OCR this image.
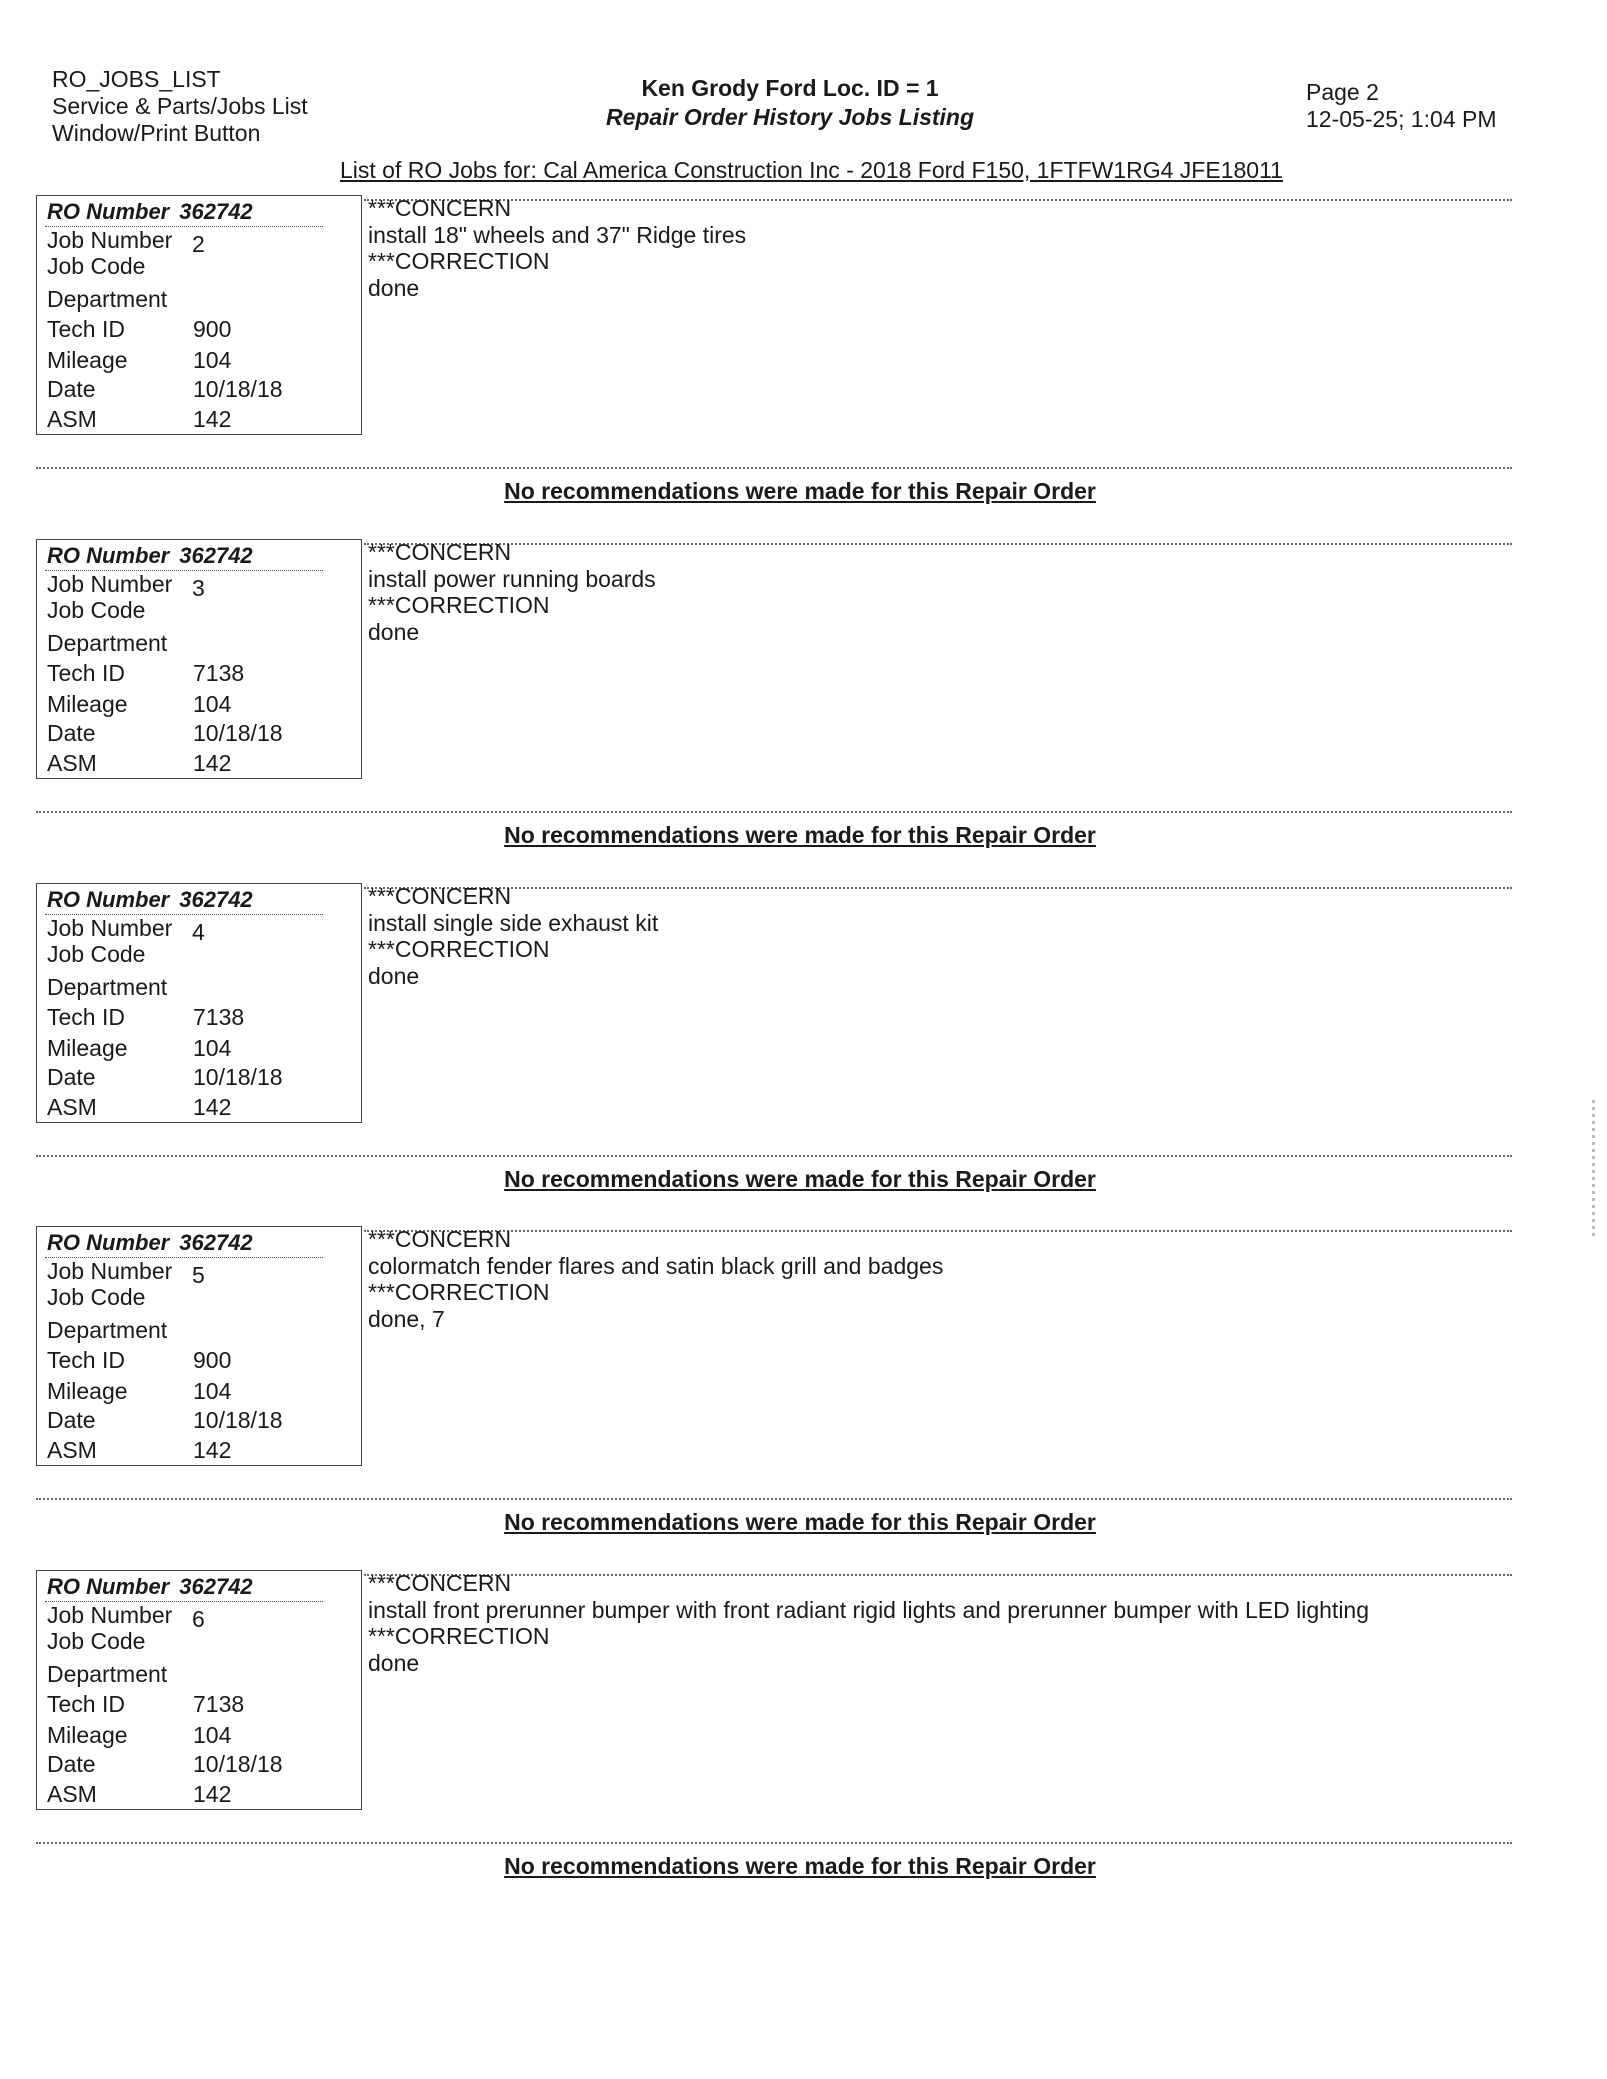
RO_JOBS_LIST
Service & Parts/Jobs List
Window/Print Button
Ken Grody Ford Loc. ID = 1
Repair Order History Jobs Listing
Page 2
12-05-25; 1:04 PM
List of RO Jobs for: Cal America Construction Inc - 2018 Ford F150, 1FTFW1RG4 JFE18011
RO Number 362742
Job Number 2
Job Code
Department
Tech ID	900
Mileage	104
Date	10/18/18
ASM	142
***CONCERN
install 18" wheels and 37" Ridge tires
***CORRECTION
done
No recommendations were made for this Repair Order
RO Number 362742
Job Number 3
Job Code
Department
Tech ID	7138
Mileage	104
Date	10/18/18
ASM	142
***CONCERN
install power running boards
***CORRECTION
done
No recommendations were made for this Repair Order
RO Number 362742
Job Number 4
Job Code
Department
Tech ID	7138
Mileage	104
Date	10/18/18
ASM	142
***CONCERN
install single side exhaust kit
***CORRECTION
done
No recommendations were made for this Repair Order
RO Number 362742
Job Number 5
Job Code
Department
Tech ID	900
Mileage	104
Date	10/18/18
ASM	142
***CONCERN
colormatch fender flares and satin black grill and badges
***CORRECTION
done, 7
No recommendations were made for this Repair Order
RO Number 362742
Job Number 6
Job Code
Department
Tech ID	7138
Mileage	104
Date	10/18/18
ASM	142
***CONCERN
install front prerunner bumper with front radiant rigid lights and prerunner bumper with LED lighting
***CORRECTION
done
No recommendations were made for this Repair Order
